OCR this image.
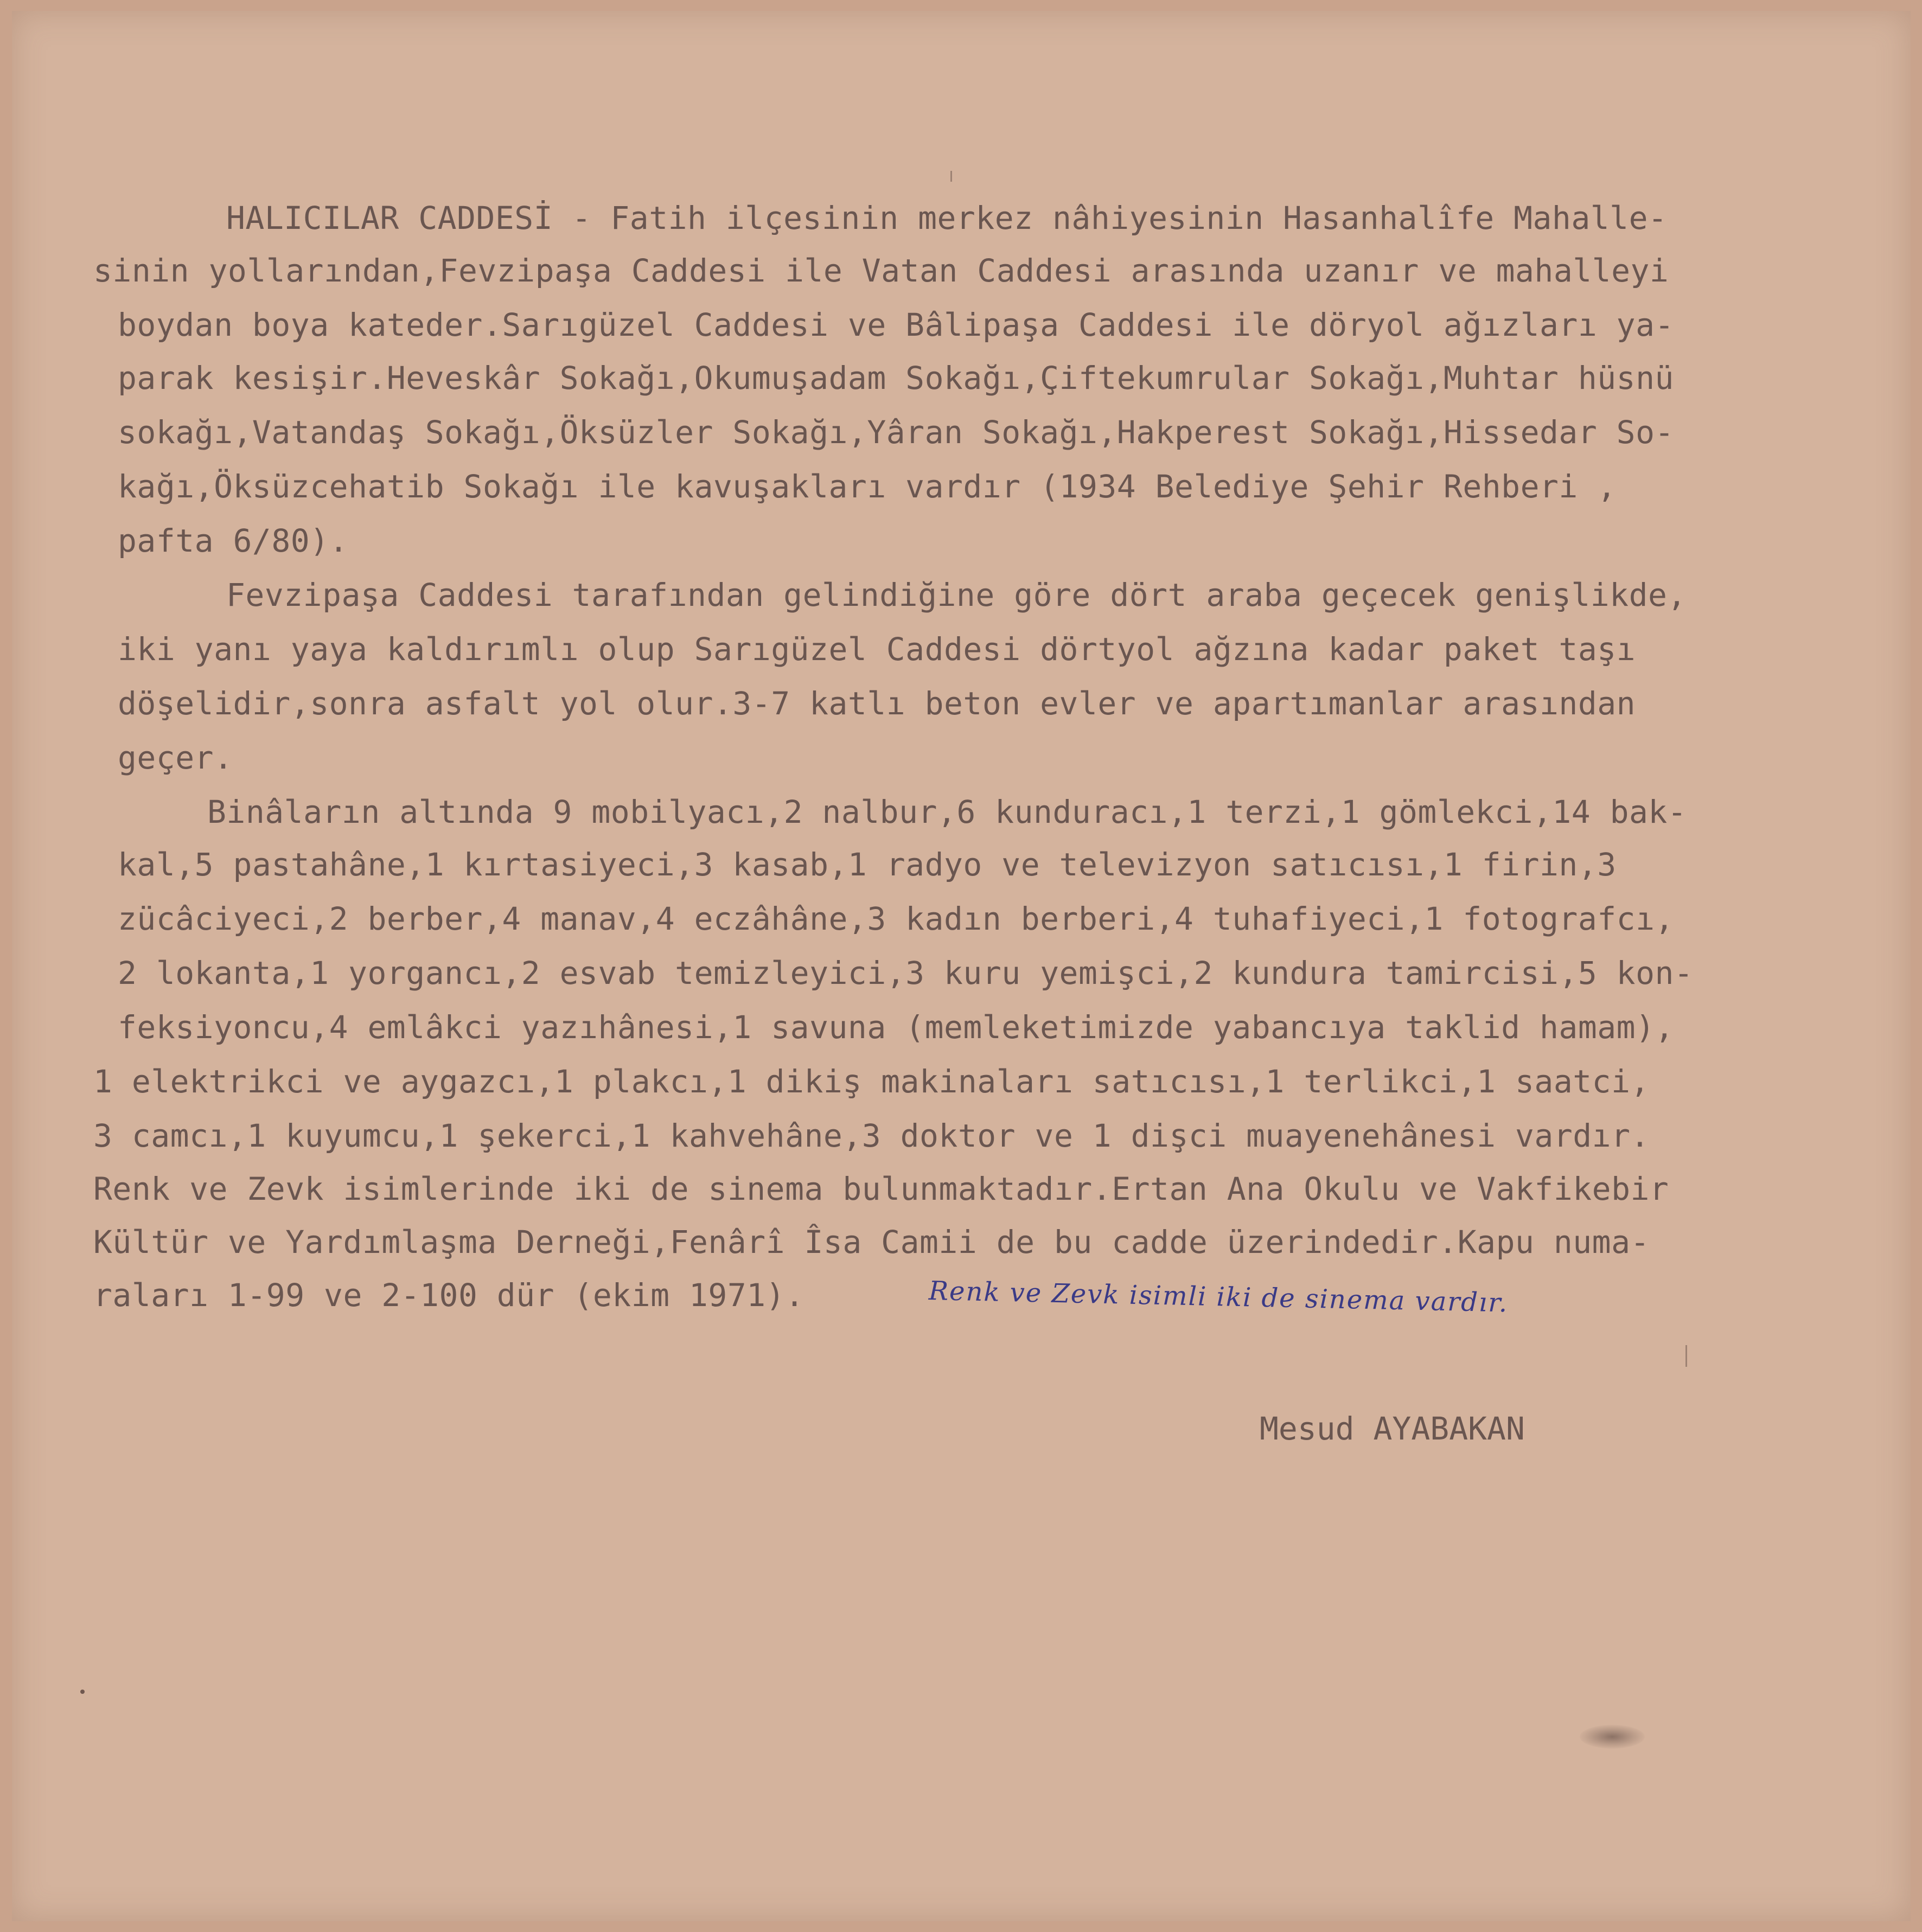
HALICILAR CADDESİ - Fatih ilçesinin merkez nâhiyesinin Hasanhalîfe Mahalle-
sinin yollarından,Fevzipaşa Caddesi ile Vatan Caddesi arasında uzanır ve mahalleyi
boydan boya kateder.Sarıgüzel Caddesi ve Bâlipaşa Caddesi ile döryol ağızları ya-
parak kesişir.Heveskâr Sokağı,Okumuşadam Sokağı,Çiftekumrular Sokağı,Muhtar hüsnü
sokağı,Vatandaş Sokağı,Öksüzler Sokağı,Yâran Sokağı,Hakperest Sokağı,Hissedar So-
kağı,Öksüzcehatib Sokağı ile kavuşakları vardır (1934 Belediye Şehir Rehberi ,
pafta 6/80).
Fevzipaşa Caddesi tarafından gelindiğine göre dört araba geçecek genişlikde,
iki yanı yaya kaldırımlı olup Sarıgüzel Caddesi dörtyol ağzına kadar paket taşı
döşelidir,sonra asfalt yol olur.3-7 katlı beton evler ve apartımanlar arasından
geçer.
Binâların altında 9 mobilyacı,2 nalbur,6 kunduracı,1 terzi,1 gömlekci,14 bak-
kal,5 pastahâne,1 kırtasiyeci,3 kasab,1 radyo ve televizyon satıcısı,1 firin,3
zücâciyeci,2 berber,4 manav,4 eczâhâne,3 kadın berberi,4 tuhafiyeci,1 fotografcı,
2 lokanta,1 yorgancı,2 esvab temizleyici,3 kuru yemişci,2 kundura tamircisi,5 kon-
feksiyoncu,4 emlâkci yazıhânesi,1 savuna (memleketimizde yabancıya taklid hamam),
1 elektrikci ve aygazcı,1 plakcı,1 dikiş makinaları satıcısı,1 terlikci,1 saatci,
3 camcı,1 kuyumcu,1 şekerci,1 kahvehâne,3 doktor ve 1 dişci muayenehânesi vardır.
Renk ve Zevk isimlerinde iki de sinema bulunmaktadır.Ertan Ana Okulu ve Vakfikebir
Kültür ve Yardımlaşma Derneği,Fenârî Îsa Camii de bu cadde üzerindedir.Kapu numa-
raları 1-99 ve 2-100 dür (ekim 1971).	Renk ve Zevk isimli iki de sinema vardır.
Mesud AYABAKAN
